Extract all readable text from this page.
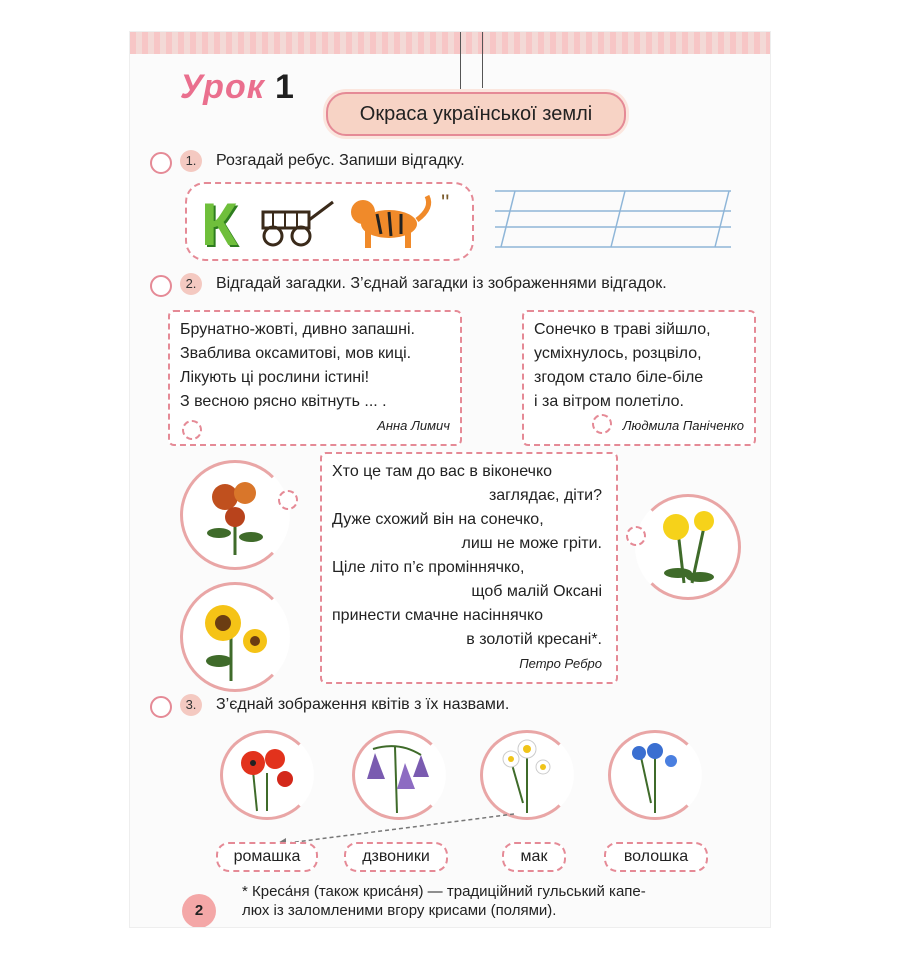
Урок 1
Окраса української землі
1.	Розгадай ребус. Запиши відгадку.
К	''
2.	Відгадай загадки. З’єднай загадки із зображеннями відгадок.
Брунатно-жовті, дивно запашні.
Зваблива оксамитові, мов киці.
Лікують ці рослини істині!
З весною рясно квітнуть ... .
Анна Лимич
Сонечко в траві зійшло,
усміхнулось, розцвіло,
згодом стало біле-біле
і за вітром полетіло.
Людмила Паніченко
Хто це там до вас в віконечко
заглядає, діти?
Дуже схожий він на сонечко,
лиш не може гріти.
Ціле літо п’є проміннячко,
щоб малій Оксані
принести смачне насіннячко
в золотій кресані*.
Петро Ребро
3.	З’єднай зображення квітів з їх назвами.
ромашка	дзвоники	мак	волошка
* Креса́ня (також криса́ня) — традиційний гульський капе-
люх із заломленими вгору крисами (полями).
2
